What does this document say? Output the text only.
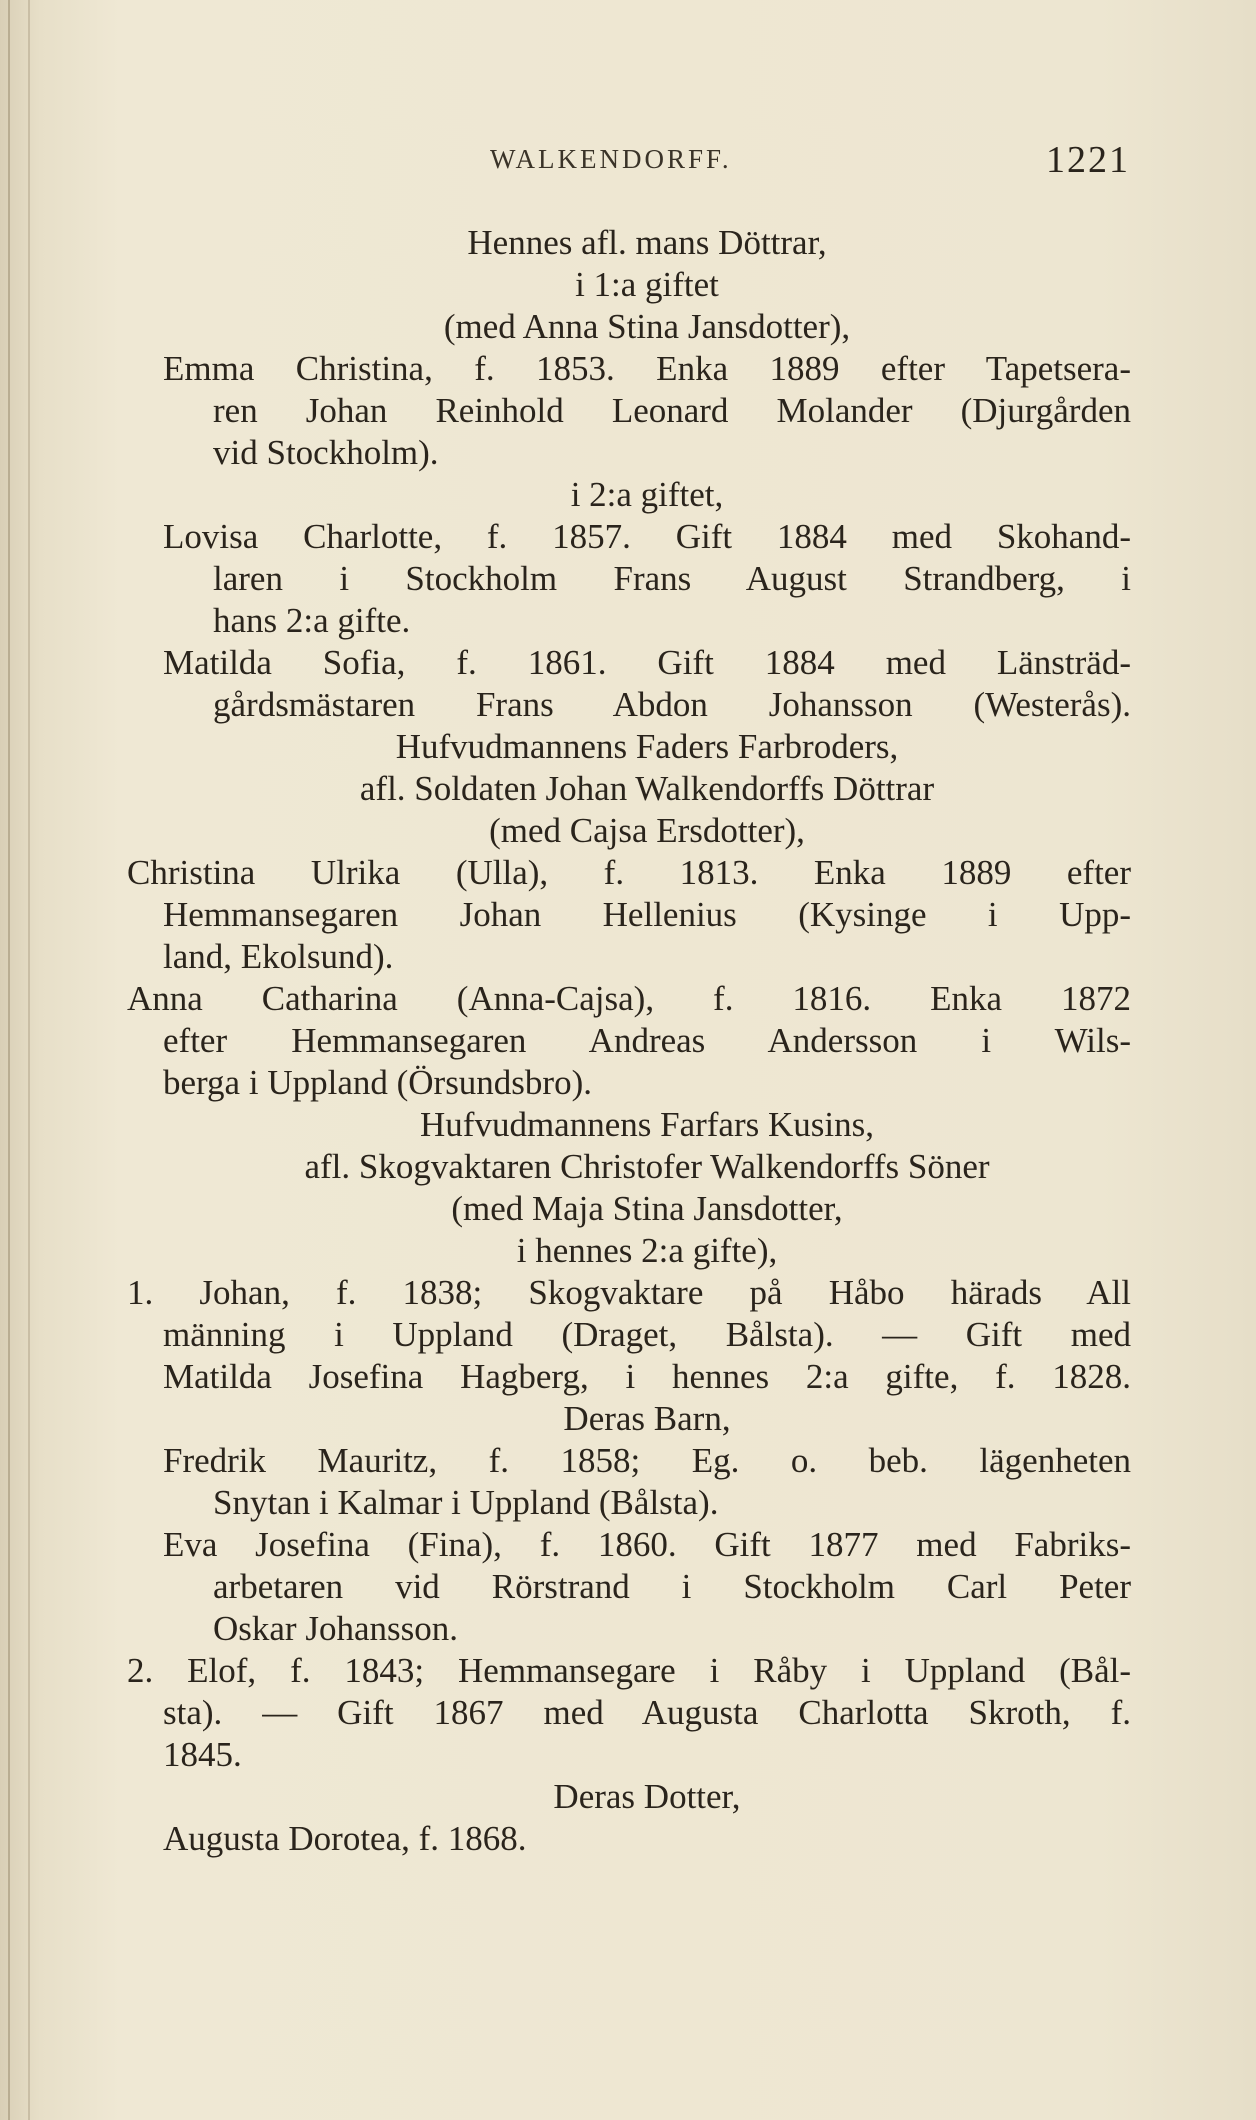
WALKENDORFF.	1221
Hennes afl. mans Döttrar,
i 1:a giftet
(med Anna Stina Jansdotter),
Emma Christina, f. 1853. Enka 1889 efter Tapetsera-
ren Johan Reinhold Leonard Molander (Djurgården
vid Stockholm).
i 2:a giftet,
Lovisa Charlotte, f. 1857. Gift 1884 med Skohand-
laren i Stockholm Frans August Strandberg, i
hans 2:a gifte.
Matilda Sofia, f. 1861. Gift 1884 med Länsträd-
gårdsmästaren Frans Abdon Johansson (Westerås).
Hufvudmannens Faders Farbroders,
afl. Soldaten Johan Walkendorffs Döttrar
(med Cajsa Ersdotter),
Christina Ulrika (Ulla), f. 1813. Enka 1889 efter
Hemmansegaren Johan Hellenius (Kysinge i Upp-
land, Ekolsund).
Anna Catharina (Anna-Cajsa), f. 1816. Enka 1872
efter Hemmansegaren Andreas Andersson i Wils-
berga i Uppland (Örsundsbro).
Hufvudmannens Farfars Kusins,
afl. Skogvaktaren Christofer Walkendorffs Söner
(med Maja Stina Jansdotter,
i hennes 2:a gifte),
1. Johan, f. 1838; Skogvaktare på Håbo härads All
männing i Uppland (Draget, Bålsta). — Gift med
Matilda Josefina Hagberg, i hennes 2:a gifte, f. 1828.
Deras Barn,
Fredrik Mauritz, f. 1858; Eg. o. beb. lägenheten
Snytan i Kalmar i Uppland (Bålsta).
Eva Josefina (Fina), f. 1860. Gift 1877 med Fabriks-
arbetaren vid Rörstrand i Stockholm Carl Peter
Oskar Johansson.
2. Elof, f. 1843; Hemmansegare i Råby i Uppland (Bål-
sta). — Gift 1867 med Augusta Charlotta Skroth, f.
1845.
Deras Dotter,
Augusta Dorotea, f. 1868.
